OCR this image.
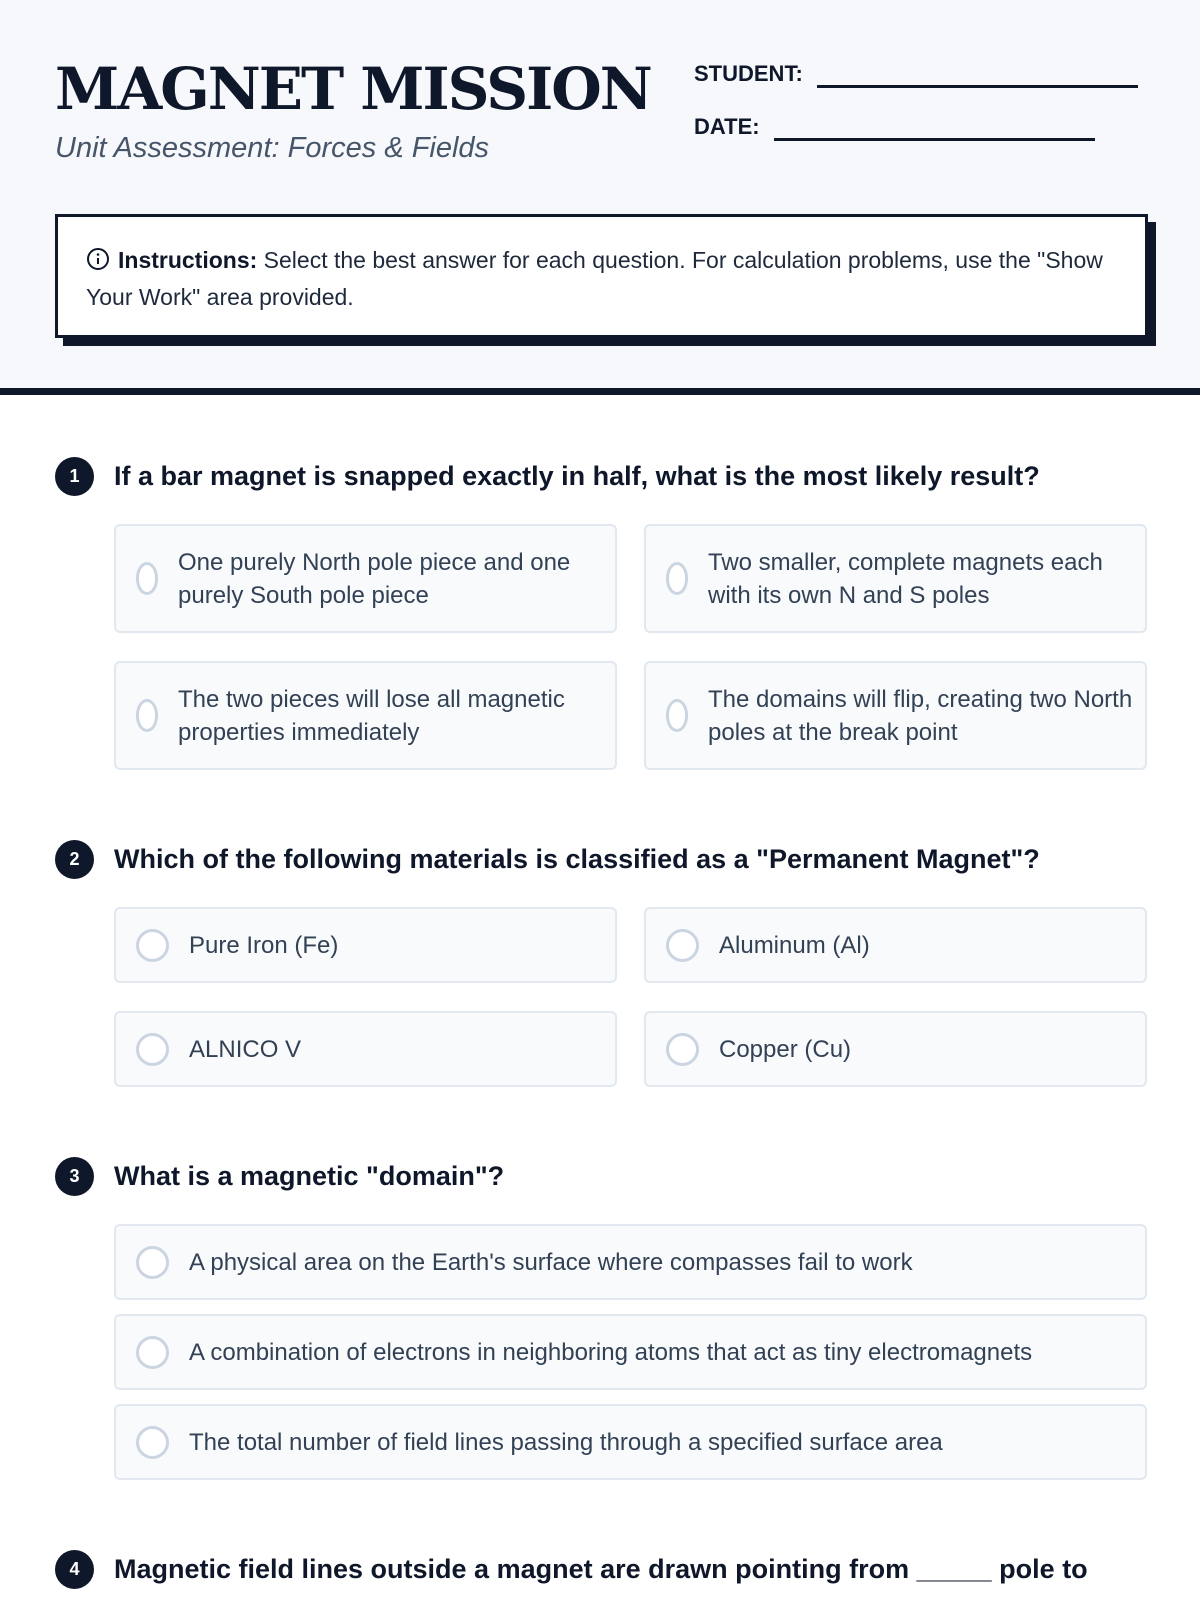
MAGNET MISSION
Unit Assessment: Forces & Fields
STUDENT:
DATE:
Instructions: Select the best answer for each question. For calculation problems, use the "Show Your Work" area provided.
1	If a bar magnet is snapped exactly in half, what is the most likely result?
One purely North pole piece and one purely South pole piece
Two smaller, complete magnets each with its own N and S poles
The two pieces will lose all magnetic properties immediately
The domains will flip, creating two North poles at the break point
2	Which of the following materials is classified as a "Permanent Magnet"?
Pure Iron (Fe)	Aluminum (Al)
ALNICO V	Copper (Cu)
3	What is a magnetic "domain"?
A physical area on the Earth's surface where compasses fail to work
A combination of electrons in neighboring atoms that act as tiny electromagnets
The total number of field lines passing through a specified surface area
4	Magnetic field lines outside a magnet are drawn pointing from _____ pole to
